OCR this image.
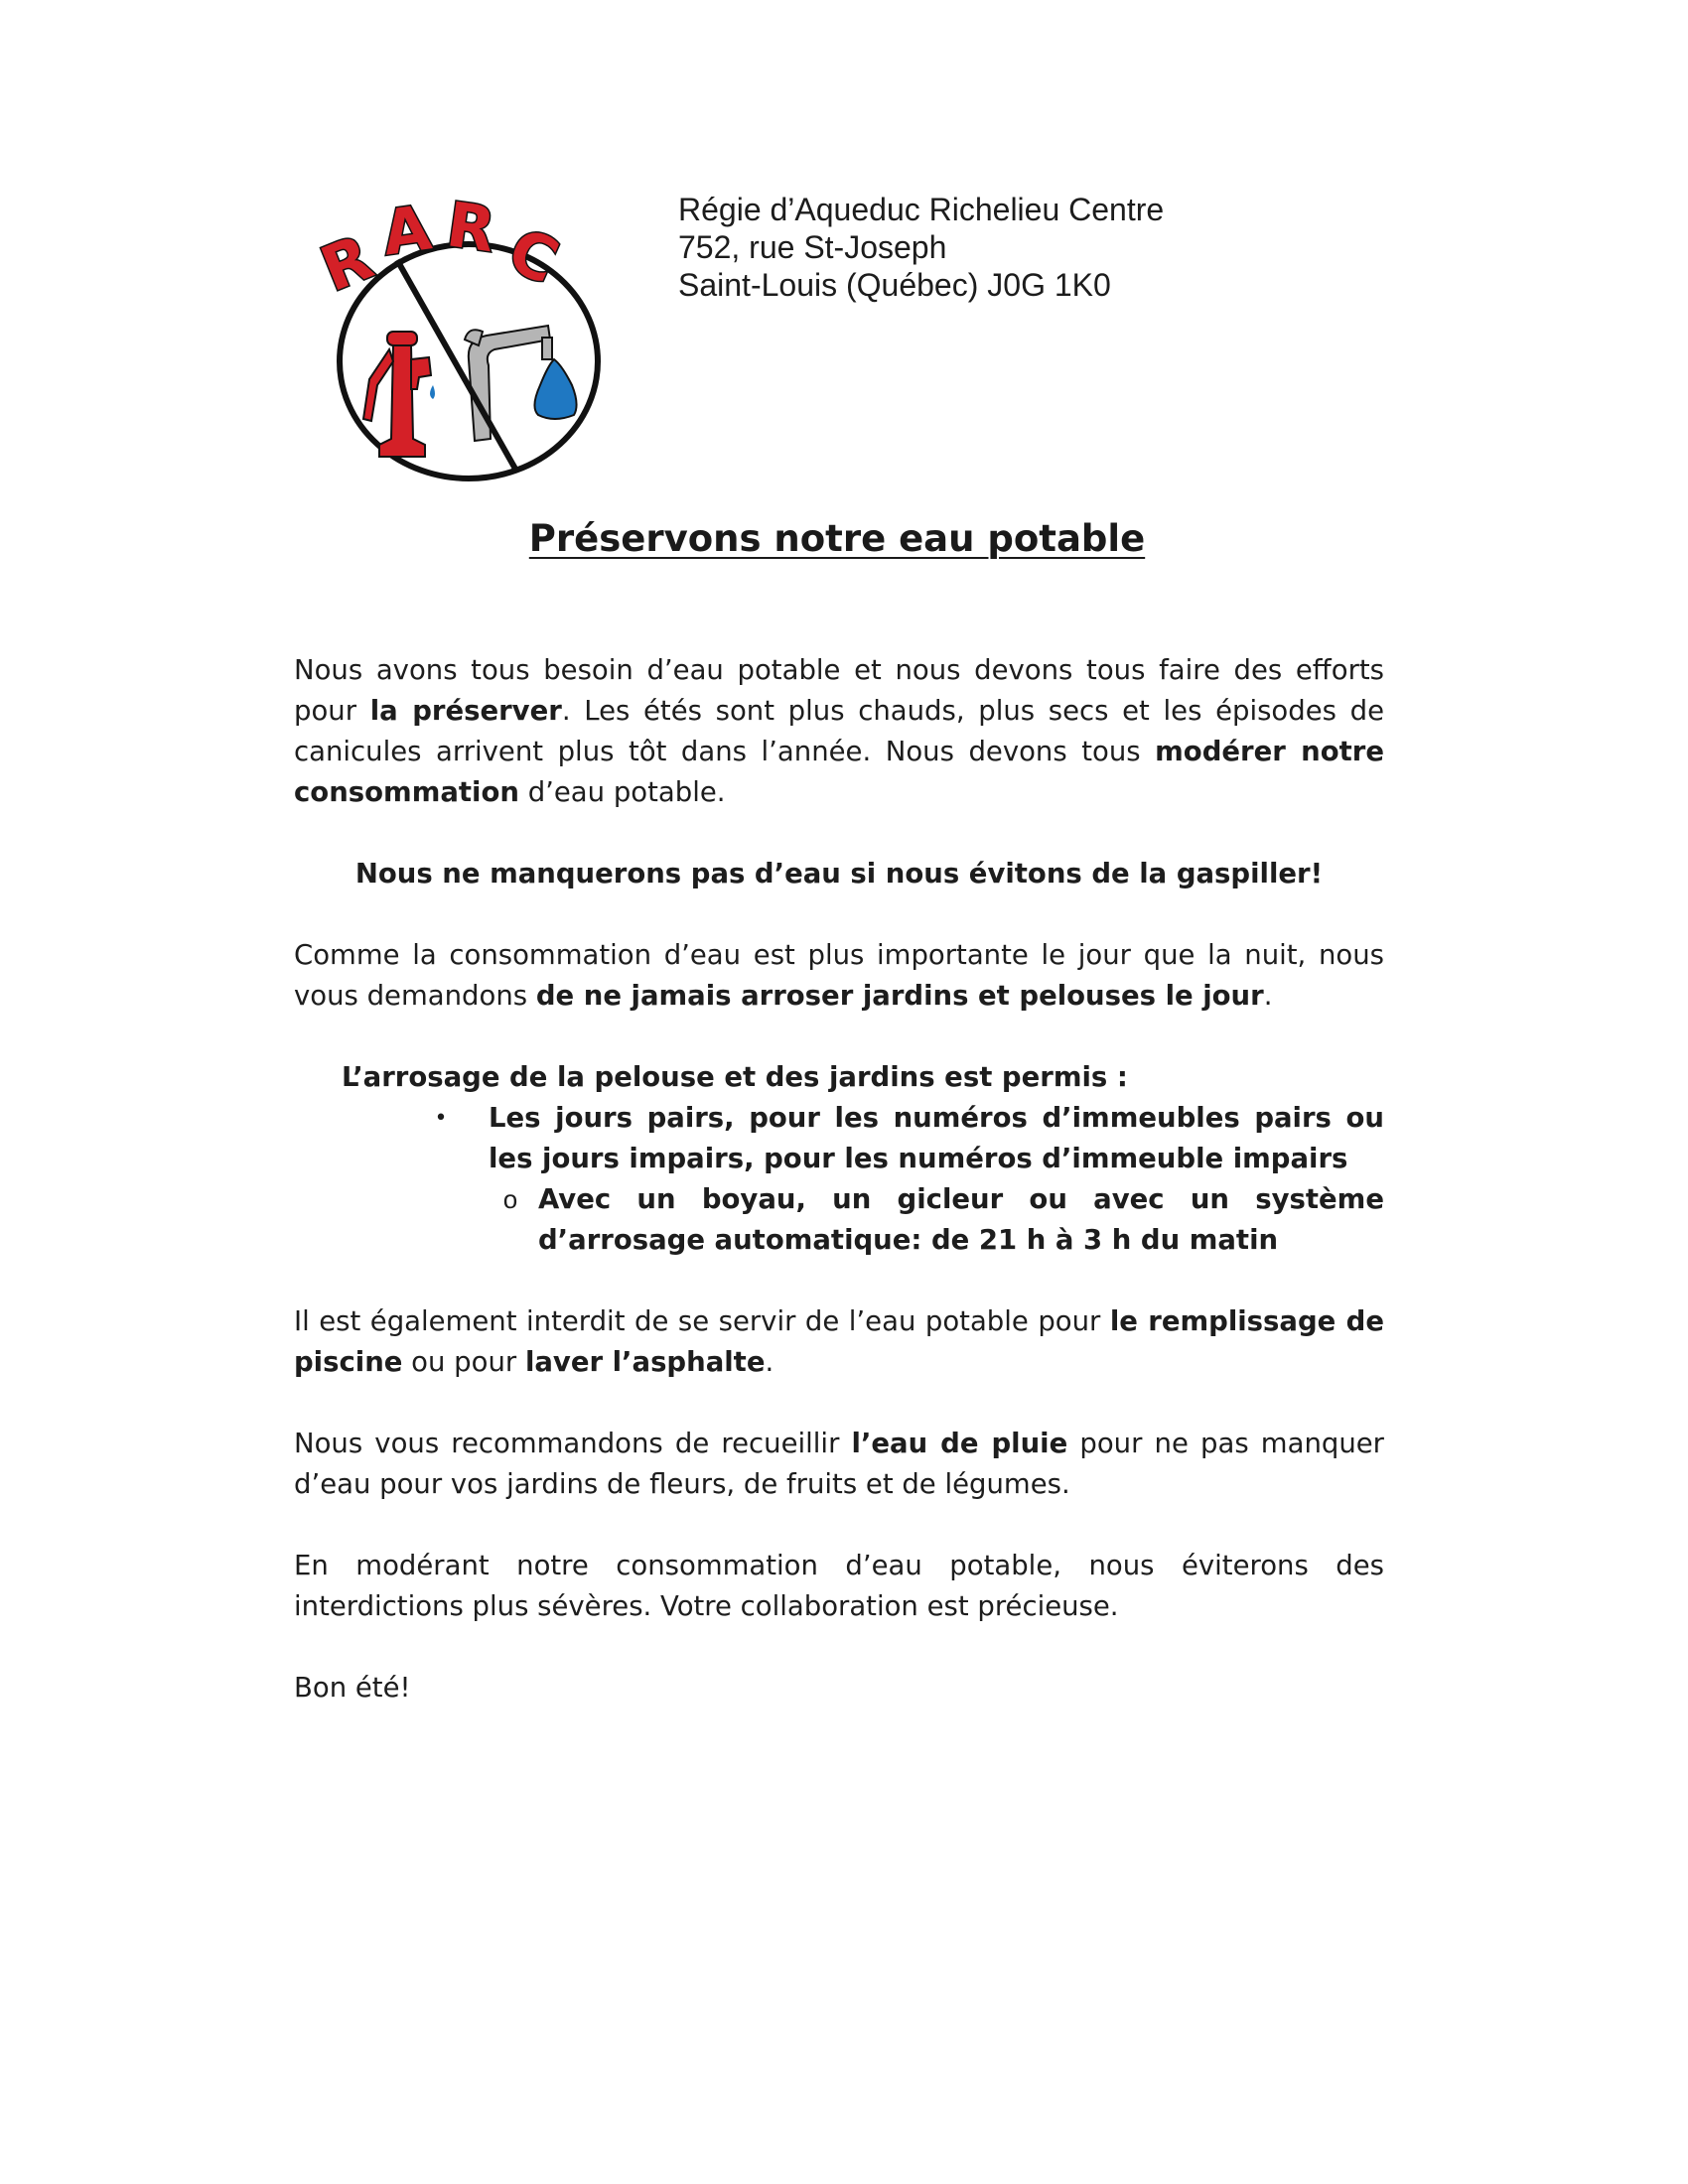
R
A R
C
Régie d’Aqueduc Richelieu Centre
752, rue St-Joseph
Saint-Louis (Québec) J0G 1K0
Préservons notre eau potable

Nous avons tous besoin d’eau potable et nous devons tous faire des efforts pour la préserver. Les étés sont plus chauds, plus secs et les épisodes de canicules arrivent plus tôt dans l’année. Nous devons tous modérer notre consommation d’eau potable.

Nous ne manquerons pas d’eau si nous évitons de la gaspiller!

Comme la consommation d’eau est plus importante le jour que la nuit, nous vous demandons de ne jamais arroser jardins et pelouses le jour.

L’arrosage de la pelouse et des jardins est permis :

•	Les jours pairs, pour les numéros d’immeubles pairs ou les jours impairs, pour les numéros d’immeuble impairs
o Avec un boyau, un gicleur ou avec un système d’arrosage automatique: de 21 h à 3 h du matin

Il est également interdit de se servir de l’eau potable pour le remplissage de piscine ou pour laver l’asphalte.

Nous vous recommandons de recueillir l’eau de pluie pour ne pas manquer d’eau pour vos jardins de fleurs, de fruits et de légumes.

En modérant notre consommation d’eau potable, nous éviterons des interdictions plus sévères. Votre collaboration est précieuse.

Bon été!
